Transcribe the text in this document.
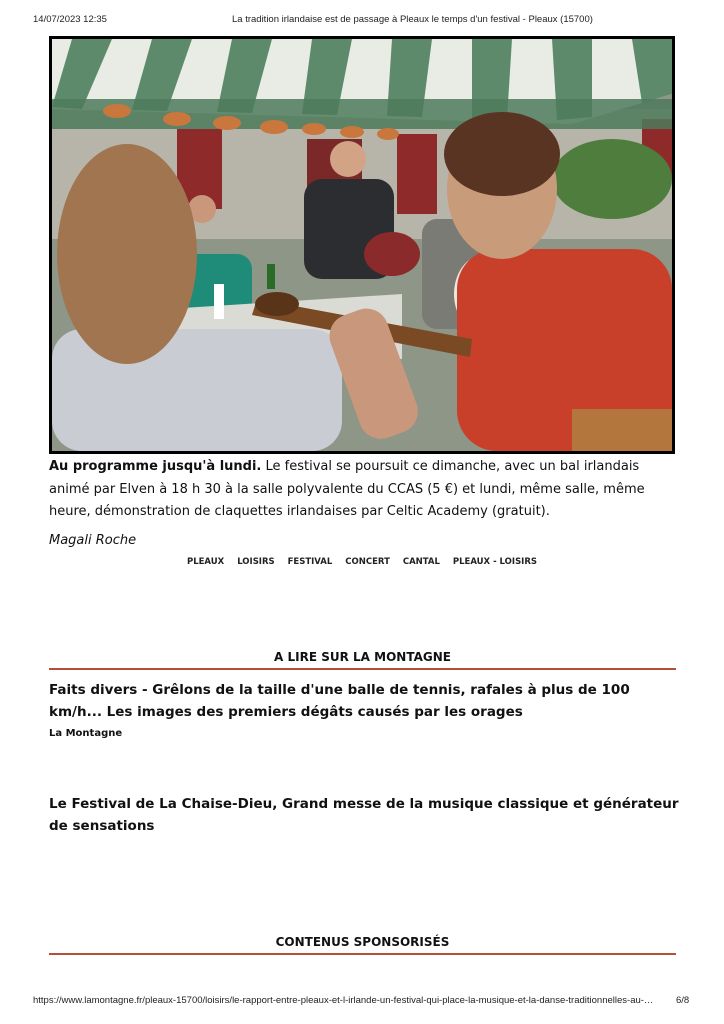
14/07/2023 12:35	La tradition irlandaise est de passage à Pleaux le temps d'un festival - Pleaux (15700)
Au programme jusqu'à lundi. Le festival se poursuit ce dimanche, avec un bal irlandais animé par Elven à 18 h 30 à la salle polyvalente du CCAS (5 €) et lundi, même salle, même heure, démonstration de claquettes irlandaises par Celtic Academy (gratuit).
Magali Roche
PLEAUX LOISIRS FESTIVAL CONCERT CANTAL PLEAUX - LOISIRS
A LIRE SUR LA MONTAGNE
Faits divers - Grêlons de la taille d'une balle de tennis, rafales à plus de 100 km/h... Les images des premiers dégâts causés par les orages
La Montagne
Le Festival de La Chaise-Dieu, Grand messe de la musique classique et générateur de sensations
CONTENUS SPONSORISÉS
https://www.lamontagne.fr/pleaux-15700/loisirs/le-rapport-entre-pleaux-et-l-irlande-un-festival-qui-place-la-musique-et-la-danse-traditionnelles-au-…	6/8
